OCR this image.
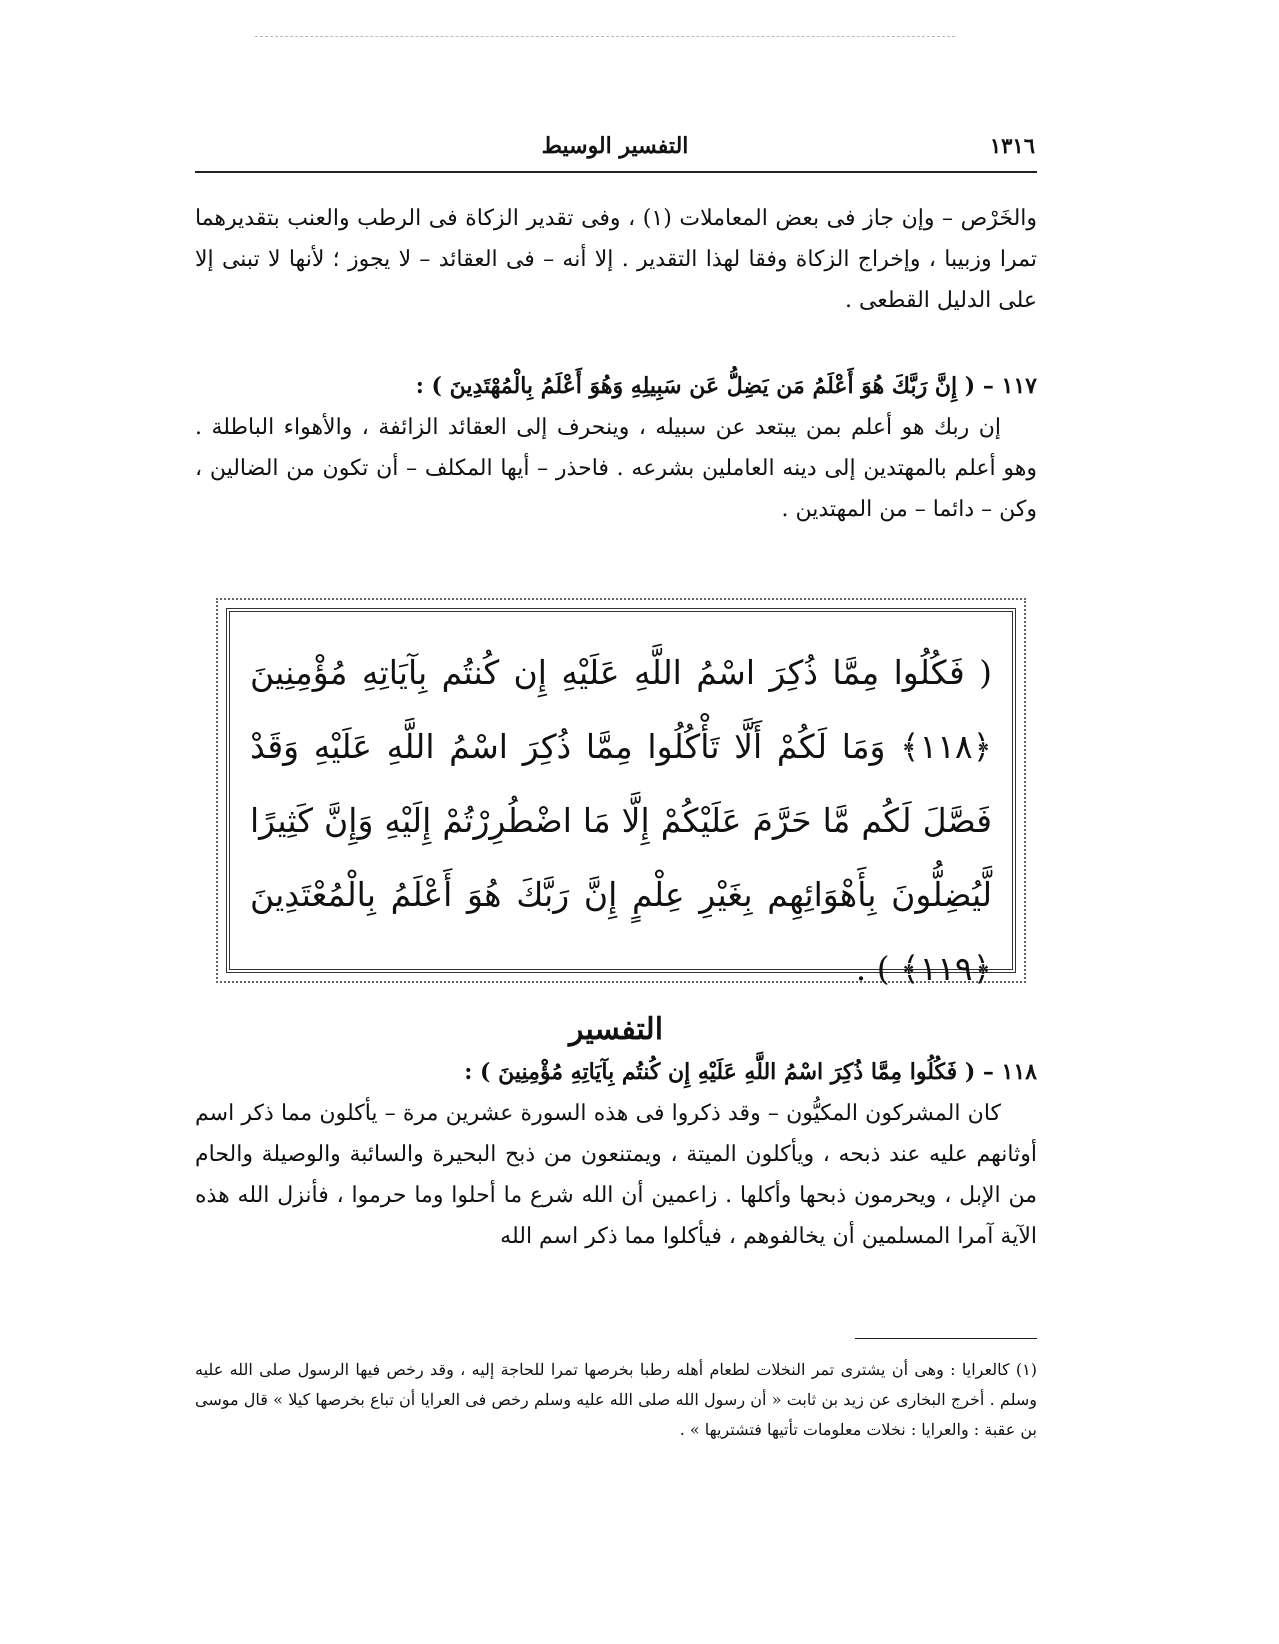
١٣١٦
التفسير الوسيط

والخَرْص – وإن جاز فى بعض المعاملات (١) ، وفى تقدير الزكاة فى الرطب والعنب بتقديرهما تمرا وزبيبا ، وإخراج الزكاة وفقا لهذا التقدير . إلا أنه – فى العقائد – لا يجوز ؛ لأنها لا تبنى إلا على الدليل القطعى .

١١٧ – ( إِنَّ رَبَّكَ هُوَ أَعْلَمُ مَن يَضِلُّ عَن سَبِيلِهِ وَهُوَ أَعْلَمُ بِالْمُهْتَدِينَ ) :

إن ربك هو أعلم بمن يبتعد عن سبيله ، وينحرف إلى العقائد الزائفة ، والأهواء الباطلة . وهو أعلم بالمهتدين إلى دينه العاملين بشرعه . فاحذر – أيها المكلف – أن تكون من الضالين ، وكن – دائما – من المهتدين .

( فَكُلُوا مِمَّا ذُكِرَ اسْمُ اللَّهِ عَلَيْهِ إِن كُنتُم بِآيَاتِهِ مُؤْمِنِينَ ﴿١١٨﴾ وَمَا لَكُمْ أَلَّا تَأْكُلُوا مِمَّا ذُكِرَ اسْمُ اللَّهِ عَلَيْهِ وَقَدْ فَصَّلَ لَكُم مَّا حَرَّمَ عَلَيْكُمْ إِلَّا مَا اضْطُرِرْتُمْ إِلَيْهِ وَإِنَّ كَثِيرًا لَّيُضِلُّونَ بِأَهْوَائِهِم بِغَيْرِ عِلْمٍ إِنَّ رَبَّكَ هُوَ أَعْلَمُ بِالْمُعْتَدِينَ ﴿١١٩﴾ ) .
التفسير

١١٨ – ( فَكُلُوا مِمَّا ذُكِرَ اسْمُ اللَّهِ عَلَيْهِ إِن كُنتُم بِآيَاتِهِ مُؤْمِنِينَ ) :

كان المشركون المكيُّون – وقد ذكروا فى هذه السورة عشرين مرة – يأكلون مما ذكر اسم أوثانهم عليه عند ذبحه ، ويأكلون الميتة ، ويمتنعون من ذبح البحيرة والسائبة والوصيلة والحام من الإبل ، ويحرمون ذبحها وأكلها . زاعمين أن الله شرع ما أحلوا وما حرموا ، فأنزل الله هذه الآية آمرا المسلمين أن يخالفوهم ، فيأكلوا مما ذكر اسم الله

(١) كالعرايا : وهى أن يشترى تمر النخلات لطعام أهله رطبا بخرصها تمرا للحاجة إليه ، وقد رخص فيها الرسول صلى الله عليه وسلم . أخرج البخارى عن زيد بن ثابت « أن رسول الله صلى الله عليه وسلم رخص فى العرايا أن تباع بخرصها كيلا » قال موسى بن عقبة : والعرايا : نخلات معلومات تأتيها فتشتريها » .
